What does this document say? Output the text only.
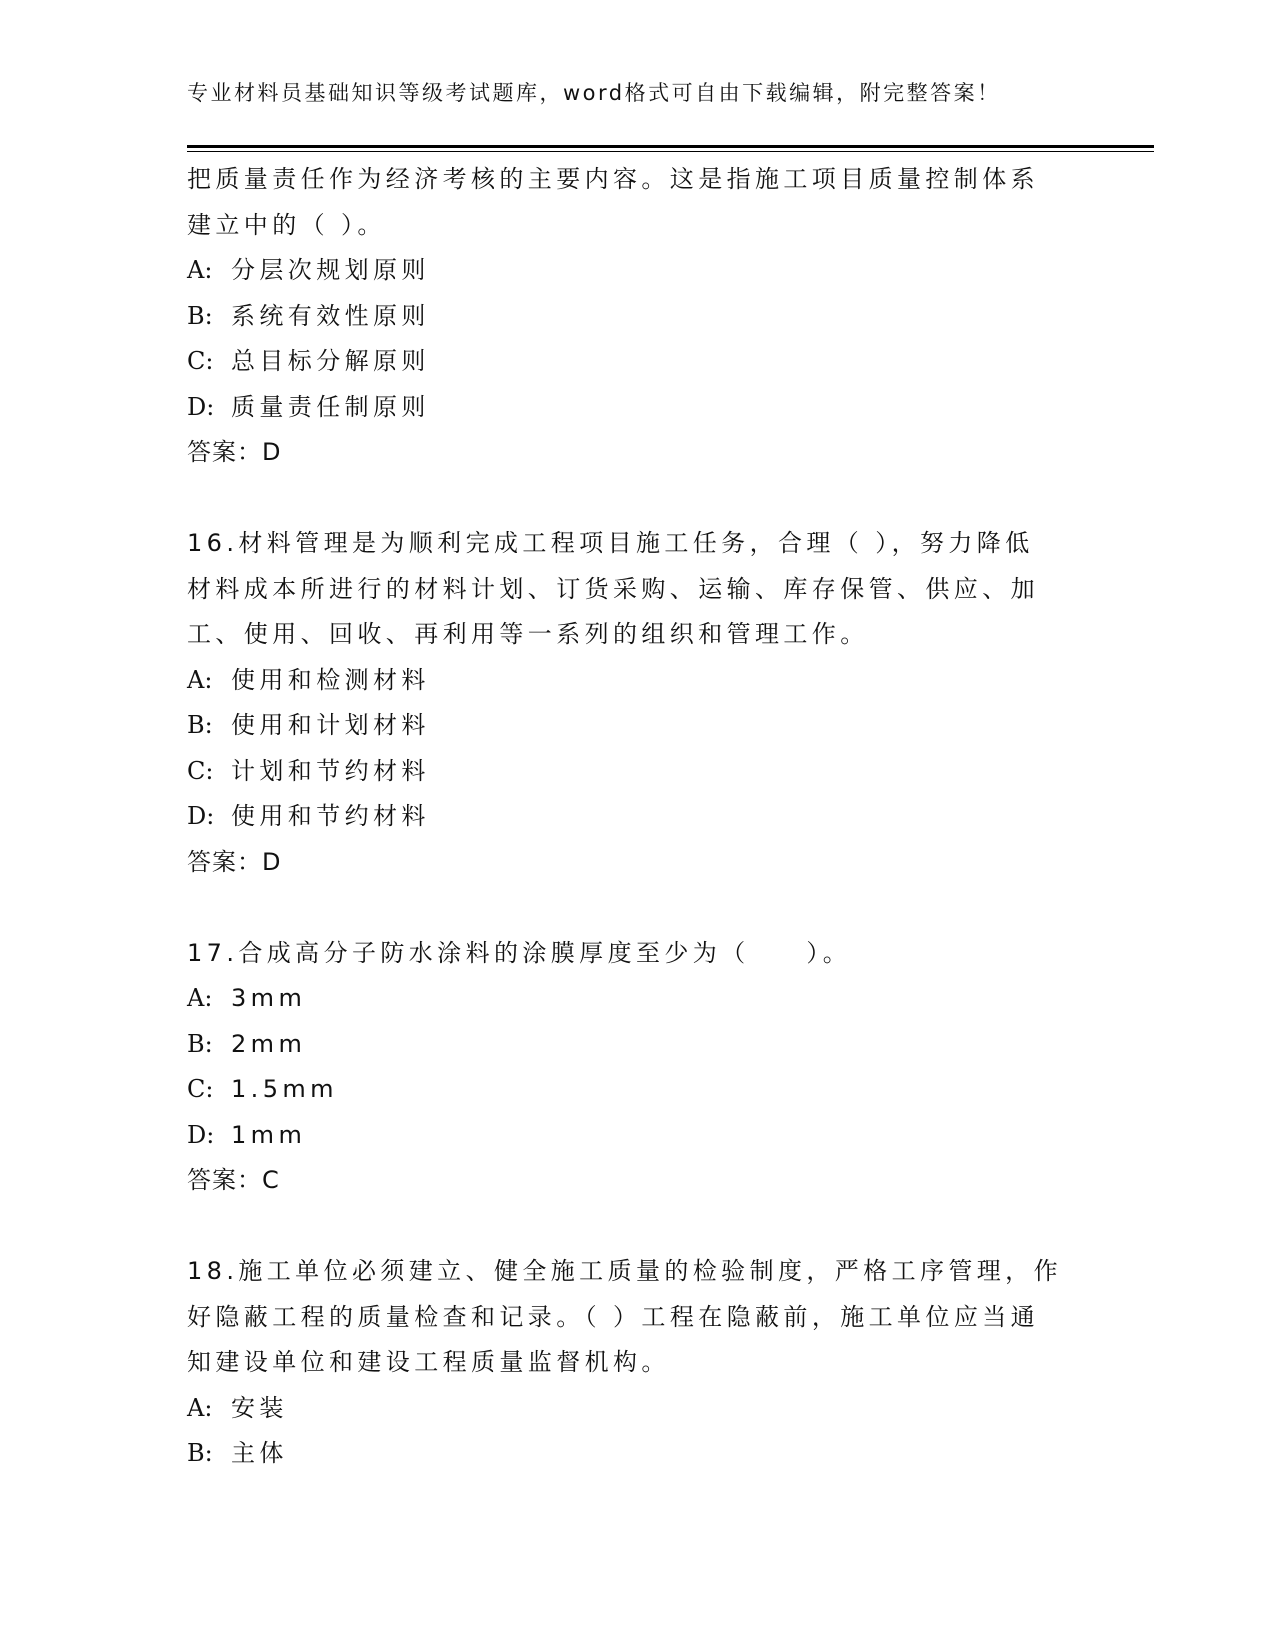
专业材料员基础知识等级考试题库，word格式可自由下载编辑，附完整答案！
把质量责任作为经济考核的主要内容。这是指施工项目质量控制体系
建立中的（ ）。
A: 分层次规划原则
B: 系统有效性原则
C: 总目标分解原则
D: 质量责任制原则
答案：D
16.材料管理是为顺利完成工程项目施工任务，合理（ ），努力降低
材料成本所进行的材料计划、订货采购、运输、库存保管、供应、加
工、使用、回收、再利用等一系列的组织和管理工作。
A: 使用和检测材料
B: 使用和计划材料
C: 计划和节约材料
D: 使用和节约材料
答案：D
17.合成高分子防水涂料的涂膜厚度至少为（　　）。
A: 3mm
B: 2mm
C: 1.5mm
D: 1mm
答案：C
18.施工单位必须建立、健全施工质量的检验制度，严格工序管理，作
好隐蔽工程的质量检查和记录。（ ）工程在隐蔽前，施工单位应当通
知建设单位和建设工程质量监督机构。
A: 安装
B: 主体
